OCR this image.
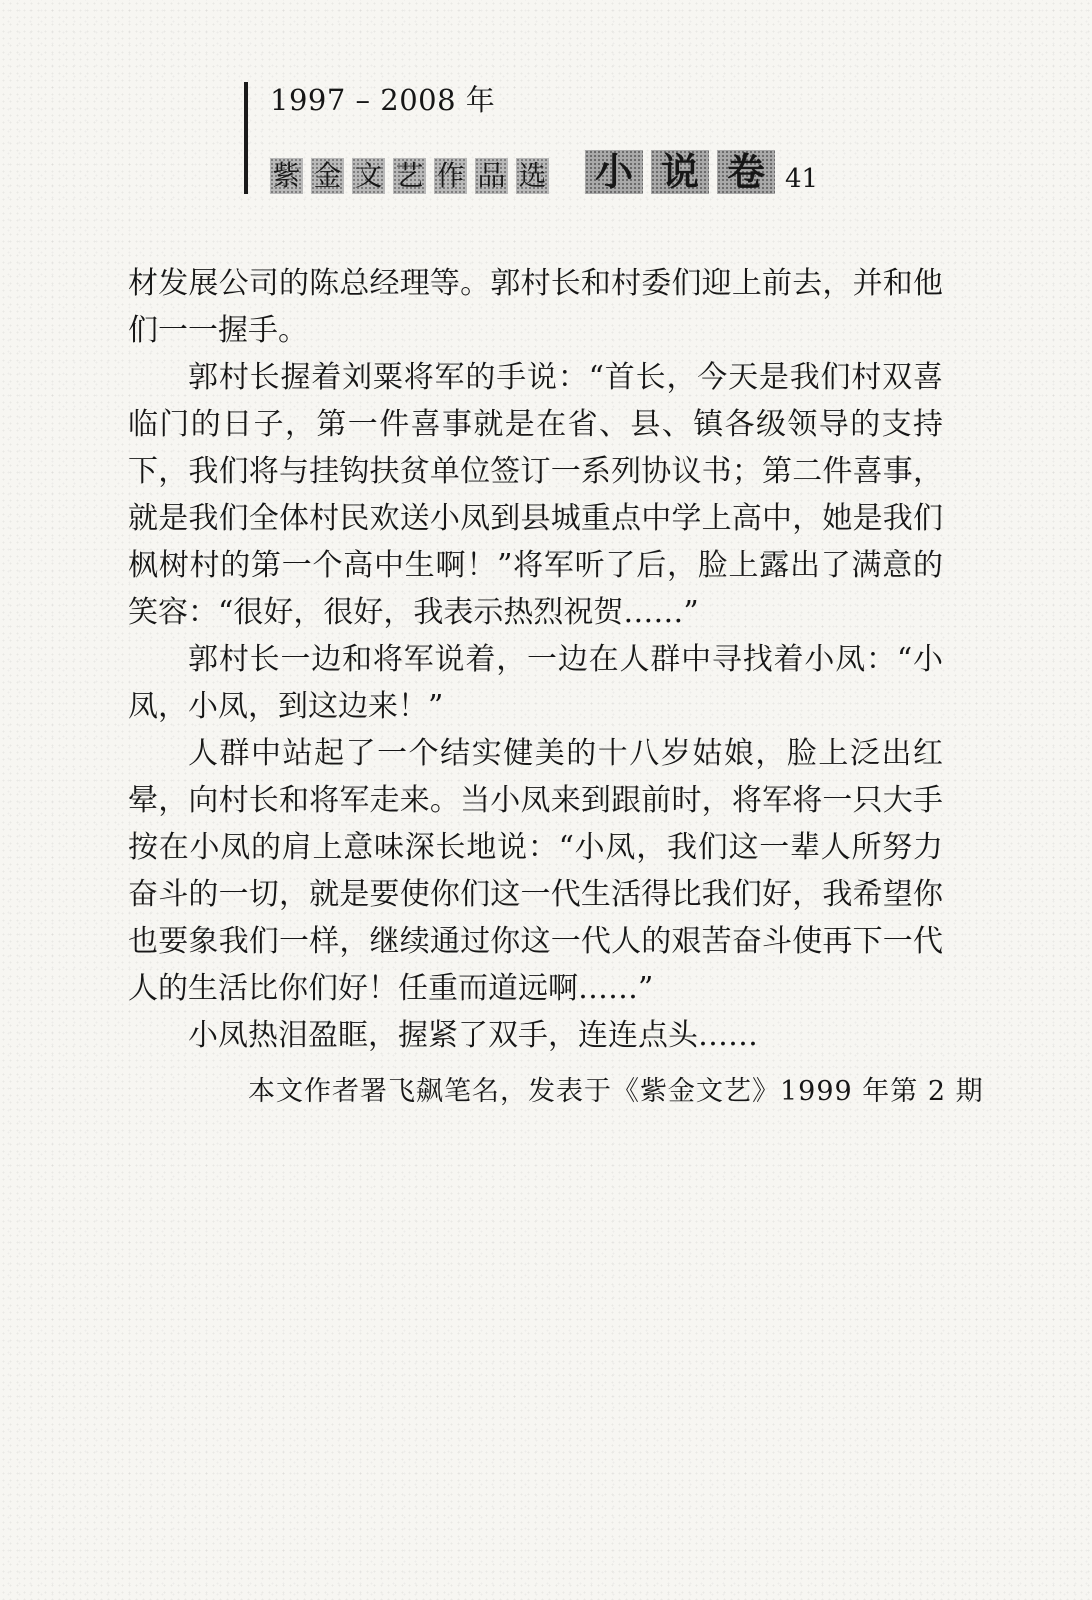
1997 – 2008 年
紫 金 文 艺 作 品 选 小 说 卷 41

材发展公司的陈总经理等。郭村长和村委们迎上前去，并和他们一一握手。

郭村长握着刘粟将军的手说：“首长，今天是我们村双喜临门的日子，第一件喜事就是在省、县、镇各级领导的支持下，我们将与挂钩扶贫单位签订一系列协议书；第二件喜事，就是我们全体村民欢送小凤到县城重点中学上高中，她是我们枫树村的第一个高中生啊！”将军听了后，脸上露出了满意的笑容：“很好，很好，我表示热烈祝贺……”

郭村长一边和将军说着，一边在人群中寻找着小凤：“小凤，小凤，到这边来！”

人群中站起了一个结实健美的十八岁姑娘，脸上泛出红晕，向村长和将军走来。当小凤来到跟前时，将军将一只大手按在小凤的肩上意味深长地说：“小凤，我们这一辈人所努力奋斗的一切，就是要使你们这一代生活得比我们好，我希望你也要象我们一样，继续通过你这一代人的艰苦奋斗使再下一代人的生活比你们好！任重而道远啊……”

小凤热泪盈眶，握紧了双手，连连点头……

本文作者署飞飙笔名，发表于《紫金文艺》1999 年第 2 期
